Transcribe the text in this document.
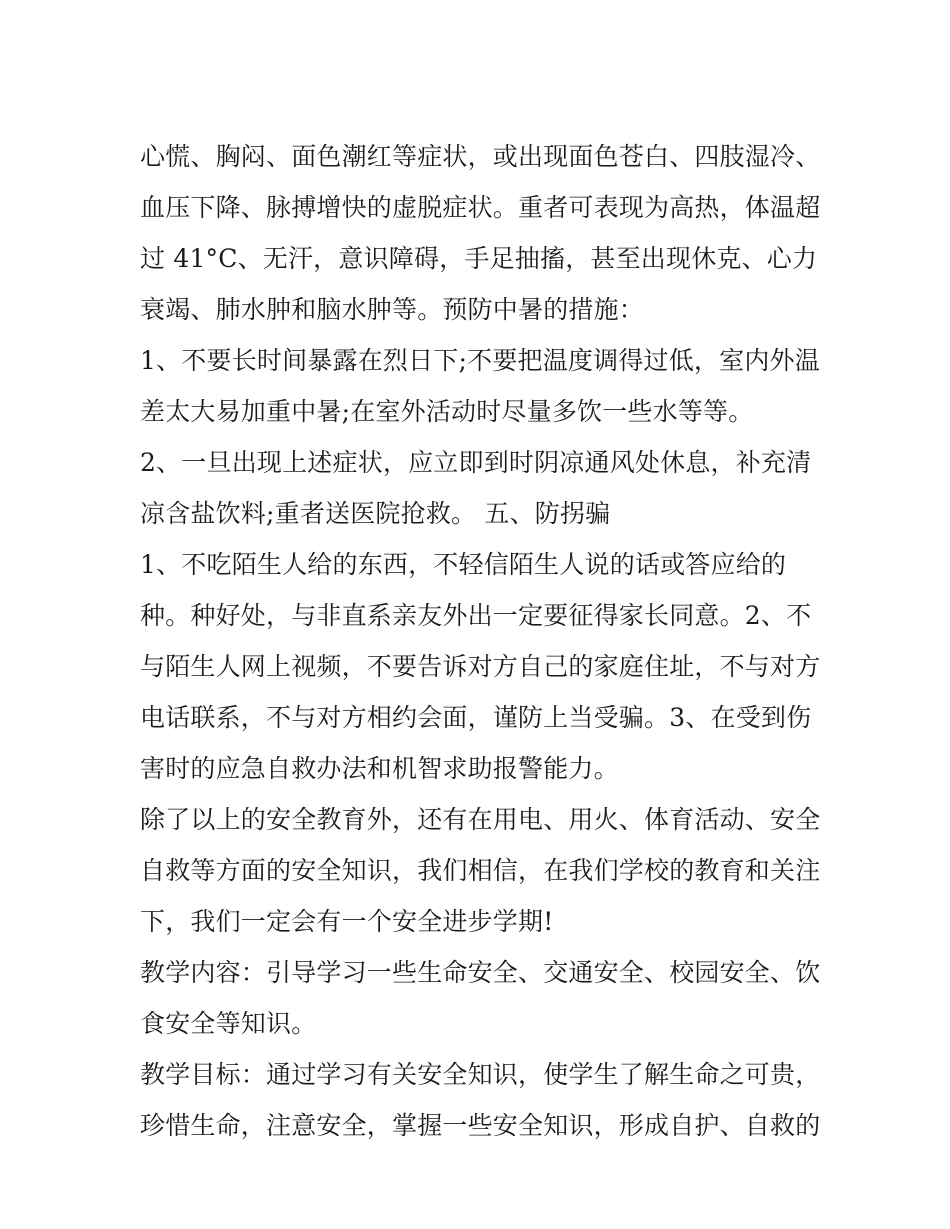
心慌、胸闷、面色潮红等症状，或出现面色苍白、四肢湿冷、
血压下降、脉搏增快的虚脱症状。重者可表现为高热，体温超
过 41°C、无汗，意识障碍，手足抽搐，甚至出现休克、心力
衰竭、肺水肿和脑水肿等。预防中暑的措施：
1、不要长时间暴露在烈日下;不要把温度调得过低，室内外温
差太大易加重中暑;在室外活动时尽量多饮一些水等等。
2、一旦出现上述症状，应立即到时阴凉通风处休息，补充清
凉含盐饮料;重者送医院抢救。 五、防拐骗
1、不吃陌生人给的东西，不轻信陌生人说的话或答应给的
种。种好处，与非直系亲友外出一定要征得家长同意。2、不
与陌生人网上视频，不要告诉对方自己的家庭住址，不与对方
电话联系，不与对方相约会面，谨防上当受骗。3、在受到伤
害时的应急自救办法和机智求助报警能力。
除了以上的安全教育外，还有在用电、用火、体育活动、安全
自救等方面的安全知识，我们相信，在我们学校的教育和关注
下，我们一定会有一个安全进步学期!
教学内容：引导学习一些生命安全、交通安全、校园安全、饮
食安全等知识。
教学目标：通过学习有关安全知识，使学生了解生命之可贵，
珍惜生命，注意安全，掌握一些安全知识，形成自护、自救的
